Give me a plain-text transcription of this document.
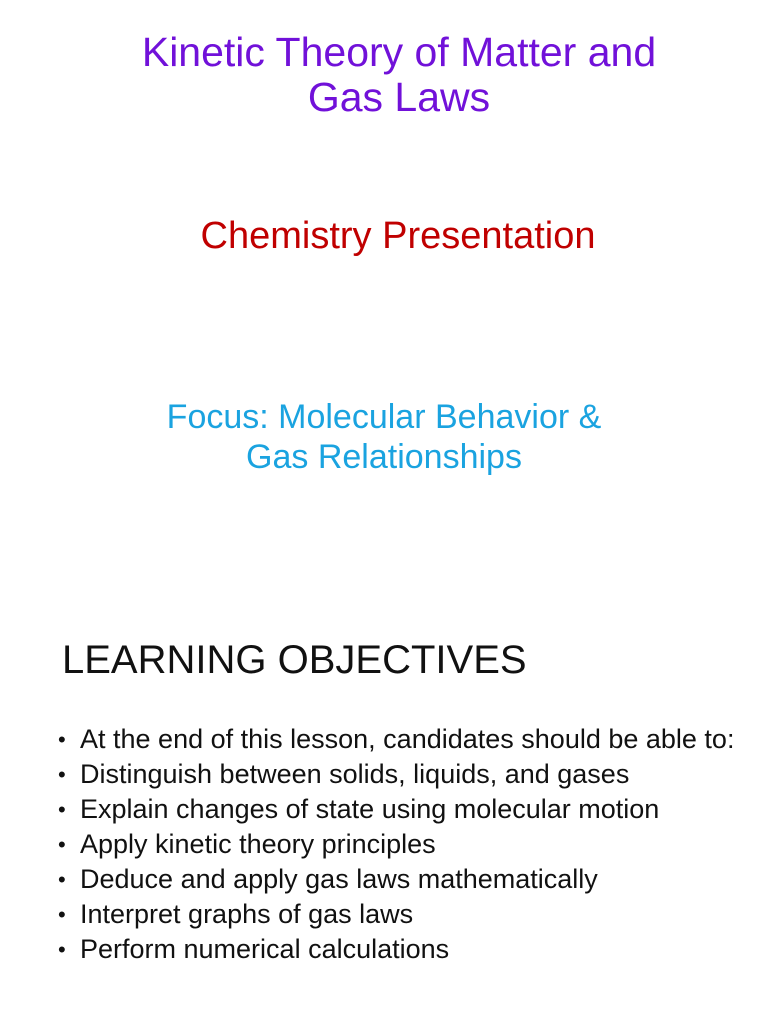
Kinetic Theory of Matter and
Gas Laws

Chemistry Presentation

Focus: Molecular Behavior &
Gas Relationships

LEARNING OBJECTIVES
• At the end of this lesson, candidates should be able to:
• Distinguish between solids, liquids, and gases
• Explain changes of state using molecular motion
• Apply kinetic theory principles
• Deduce and apply gas laws mathematically
• Interpret graphs of gas laws
• Perform numerical calculations
